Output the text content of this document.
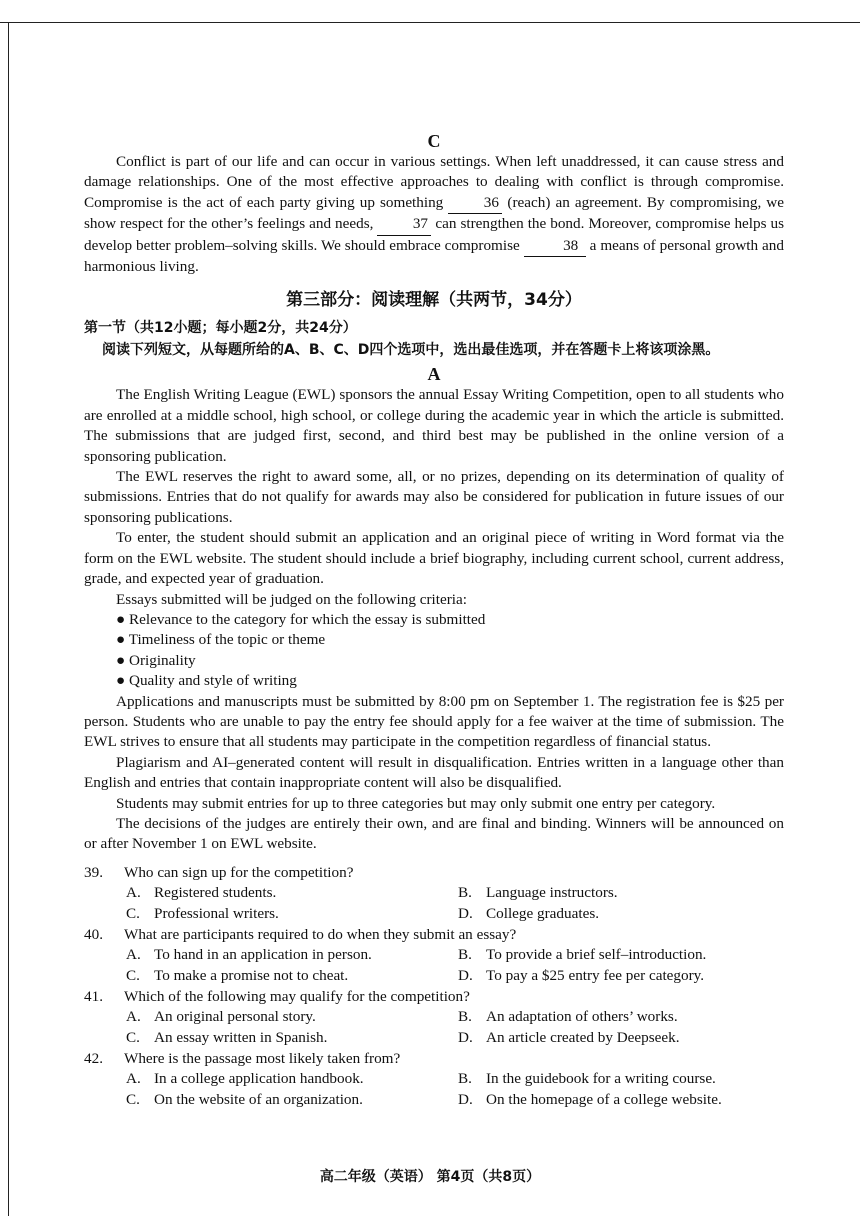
C

Conflict is part of our life and can occur in various settings. When left unaddressed, it can cause stress and damage relationships. One of the most effective approaches to dealing with conflict is through compromise. Compromise is the act of each party giving up something	36 (reach) an agreement. By compromising, we show respect for the other’s feelings and needs,	37 can strengthen the bond. Moreover, compromise helps us develop better problem–solving skills. We should embrace compromise	38 a means of personal growth and harmonious living.

第三部分：阅读理解（共两节，34分）
第一节（共12小题；每小题2分，共24分）
阅读下列短文，从每题所给的A、B、C、D四个选项中，选出最佳选项，并在答题卡上将该项涂黑。
A

The English Writing League (EWL) sponsors the annual Essay Writing Competition, open to all students who are enrolled at a middle school, high school, or college during the academic year in which the article is submitted. The submissions that are judged first, second, and third best may be published in the online version of a sponsoring publication.

The EWL reserves the right to award some, all, or no prizes, depending on its determination of quality of submissions. Entries that do not qualify for awards may also be considered for publication in future issues of our sponsoring publications.

To enter, the student should submit an application and an original piece of writing in Word format via the form on the EWL website. The student should include a brief biography, including current school, current address, grade, and expected year of graduation.

Essays submitted will be judged on the following criteria:

● Relevance to the category for which the essay is submitted
● Timeliness of the topic or theme
● Originality
● Quality and style of writing

Applications and manuscripts must be submitted by 8:00 pm on September 1. The registration fee is $25 per person. Students who are unable to pay the entry fee should apply for a fee waiver at the time of submission. The EWL strives to ensure that all students may participate in the competition regardless of financial status.

Plagiarism and AI–generated content will result in disqualification. Entries written in a language other than English and entries that contain inappropriate content will also be disqualified.

Students may submit entries for up to three categories but may only submit one entry per category.

The decisions of the judges are entirely their own, and are final and binding. Winners will be announced on or after November 1 on EWL website.

39.	Who can sign up for the competition?
A. Registered students.	B. Language instructors.
C. Professional writers.	D. College graduates.
40.	What are participants required to do when they submit an essay?
A. To hand in an application in person.	B. To provide a brief self–introduction.
C. To make a promise not to cheat.	D. To pay a $25 entry fee per category.
41.	Which of the following may qualify for the competition?
A. An original personal story.	B. An adaptation of others’ works.
C. An essay written in Spanish.	D. An article created by Deepseek.
42.	Where is the passage most likely taken from?
A. In a college application handbook.	B. In the guidebook for a writing course.
C. On the website of an organization.	D. On the homepage of a college website.
高二年级（英语） 第4页（共8页）
